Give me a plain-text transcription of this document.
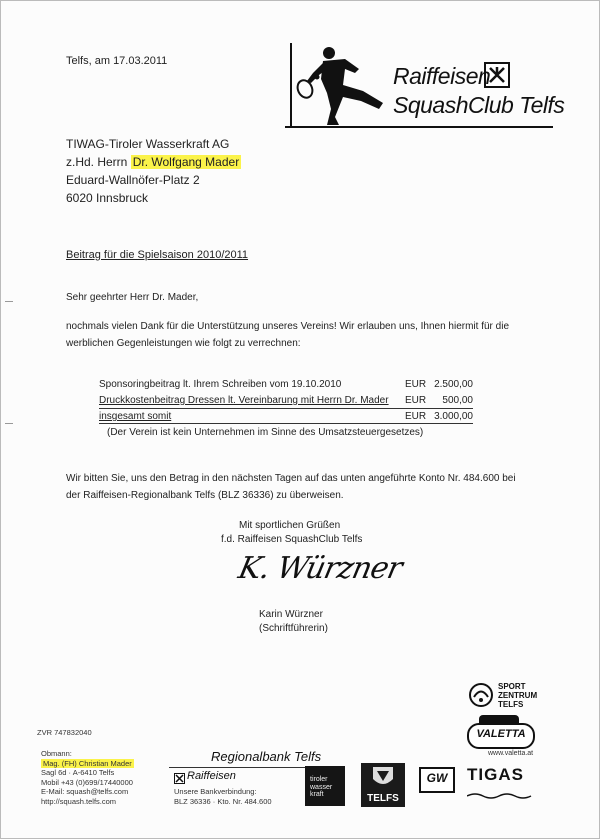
Raiffeisen
SquashClub Telfs
Telfs, am 17.03.2011
TIWAG-Tiroler Wasserkraft AG
z.Hd. Herrn Dr. Wolfgang Mader
Eduard-Wallnöfer-Platz 2
6020 Innsbruck
Beitrag für die Spielsaison 2010/2011
Sehr geehrter Herr Dr. Mader,
nochmals vielen Dank für die Unterstützung unseres Vereins! Wir erlauben uns, Ihnen hiermit für die
werblichen Gegenleistungen wie folgt zu verrechnen:
Sponsoringbeitrag lt. Ihrem Schreiben vom 19.10.2010	EUR 2.500,00
Druckkostenbeitrag Dressen lt. Vereinbarung mit Herrn Dr. Mader EUR	500,00
insgesamt somit	EUR 3.000,00
(Der Verein ist kein Unternehmen im Sinne des Umsatzsteuergesetzes)
Wir bitten Sie, uns den Betrag in den nächsten Tagen auf das unten angeführte Konto Nr. 484.600 bei
der Raiffeisen-Regionalbank Telfs (BLZ 36336) zu überweisen.
Mit sportlichen Grüßen
f.d. Raiffeisen SquashClub Telfs
K. Würzner
Karin Würzner
(Schriftführerin)
ZVR 747832040
Obmann:
Mag. (FH) Christian Mader
Sagl 6d · A-6410 Telfs
Mobil +43 (0)699/17440000
E-Mail: squash@telfs.com
http://squash.telfs.com
Regionalbank Telfs
Raiffeisen
Unsere Bankverbindung:
BLZ 36336 · Kto. Nr. 484.600
SPORT
ZENTRUM
TELFS
VALETTA
www.valetta.at
tiroler
wasser
kraft	TELFS
GW	TIGAS
